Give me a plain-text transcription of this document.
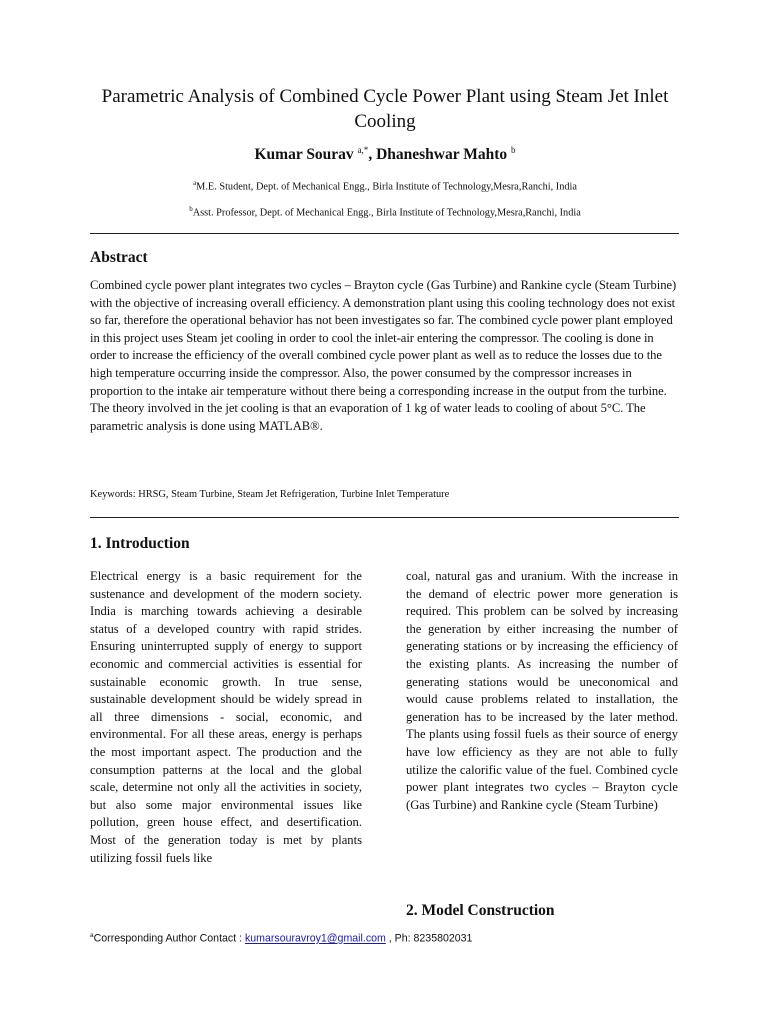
Parametric Analysis of Combined Cycle Power Plant using Steam Jet Inlet Cooling
Kumar Sourav $^{a,*}$, Dhaneshwar Mahto $^b$
$^a$M.E. Student, Dept. of Mechanical Engg., Birla Institute of Technology,Mesra,Ranchi, India
$^b$Asst. Professor, Dept. of Mechanical Engg., Birla Institute of Technology,Mesra,Ranchi, India
Abstract
Combined cycle power plant integrates two cycles – Brayton cycle (Gas Turbine) and Rankine cycle (Steam Turbine) with the objective of increasing overall efficiency. A demonstration plant using this cooling technology does not exist so far, therefore the operational behavior has not been investigates so far. The combined cycle power plant employed in this project uses Steam jet cooling in order to cool the inlet-air entering the compressor. The cooling is done in order to increase the efficiency of the overall combined cycle power plant as well as to reduce the losses due to the high temperature occurring inside the compressor. Also, the power consumed by the compressor increases in proportion to the intake air temperature without there being a corresponding increase in the output from the turbine. The theory involved in the jet cooling is that an evaporation of 1 kg of water leads to cooling of about 5°C. The parametric analysis is done using MATLAB®.
Keywords: HRSG, Steam Turbine, Steam Jet Refrigeration, Turbine Inlet Temperature
1. Introduction
Electrical energy is a basic requirement for the sustenance and development of the modern society. India is marching towards achieving a desirable status of a developed country with rapid strides. Ensuring uninterrupted supply of energy to support economic and commercial activities is essential for sustainable economic growth. In true sense, sustainable development should be widely spread in all three dimensions - social, economic, and environmental. For all these areas, energy is perhaps the most important aspect. The production and the consumption patterns at the local and the global scale, determine not only all the activities in society, but also some major environmental issues like pollution, green house effect, and desertification. Most of the generation today is met by plants utilizing fossil fuels like
coal, natural gas and uranium. With the increase in the demand of electric power more generation is required. This problem can be solved by increasing the generation by either increasing the number of generating stations or by increasing the efficiency of the existing plants. As increasing the number of generating stations would be uneconomical and would cause problems related to installation, the generation has to be increased by the later method. The plants using fossil fuels as their source of energy have low efficiency as they are not able to fully utilize the calorific value of the fuel. Combined cycle power plant integrates two cycles – Brayton cycle (Gas Turbine) and Rankine cycle (Steam Turbine)
2. Model Construction
$^a$Corresponding Author Contact : kumarsouravroy1@gmail.com , Ph: 8235802031
